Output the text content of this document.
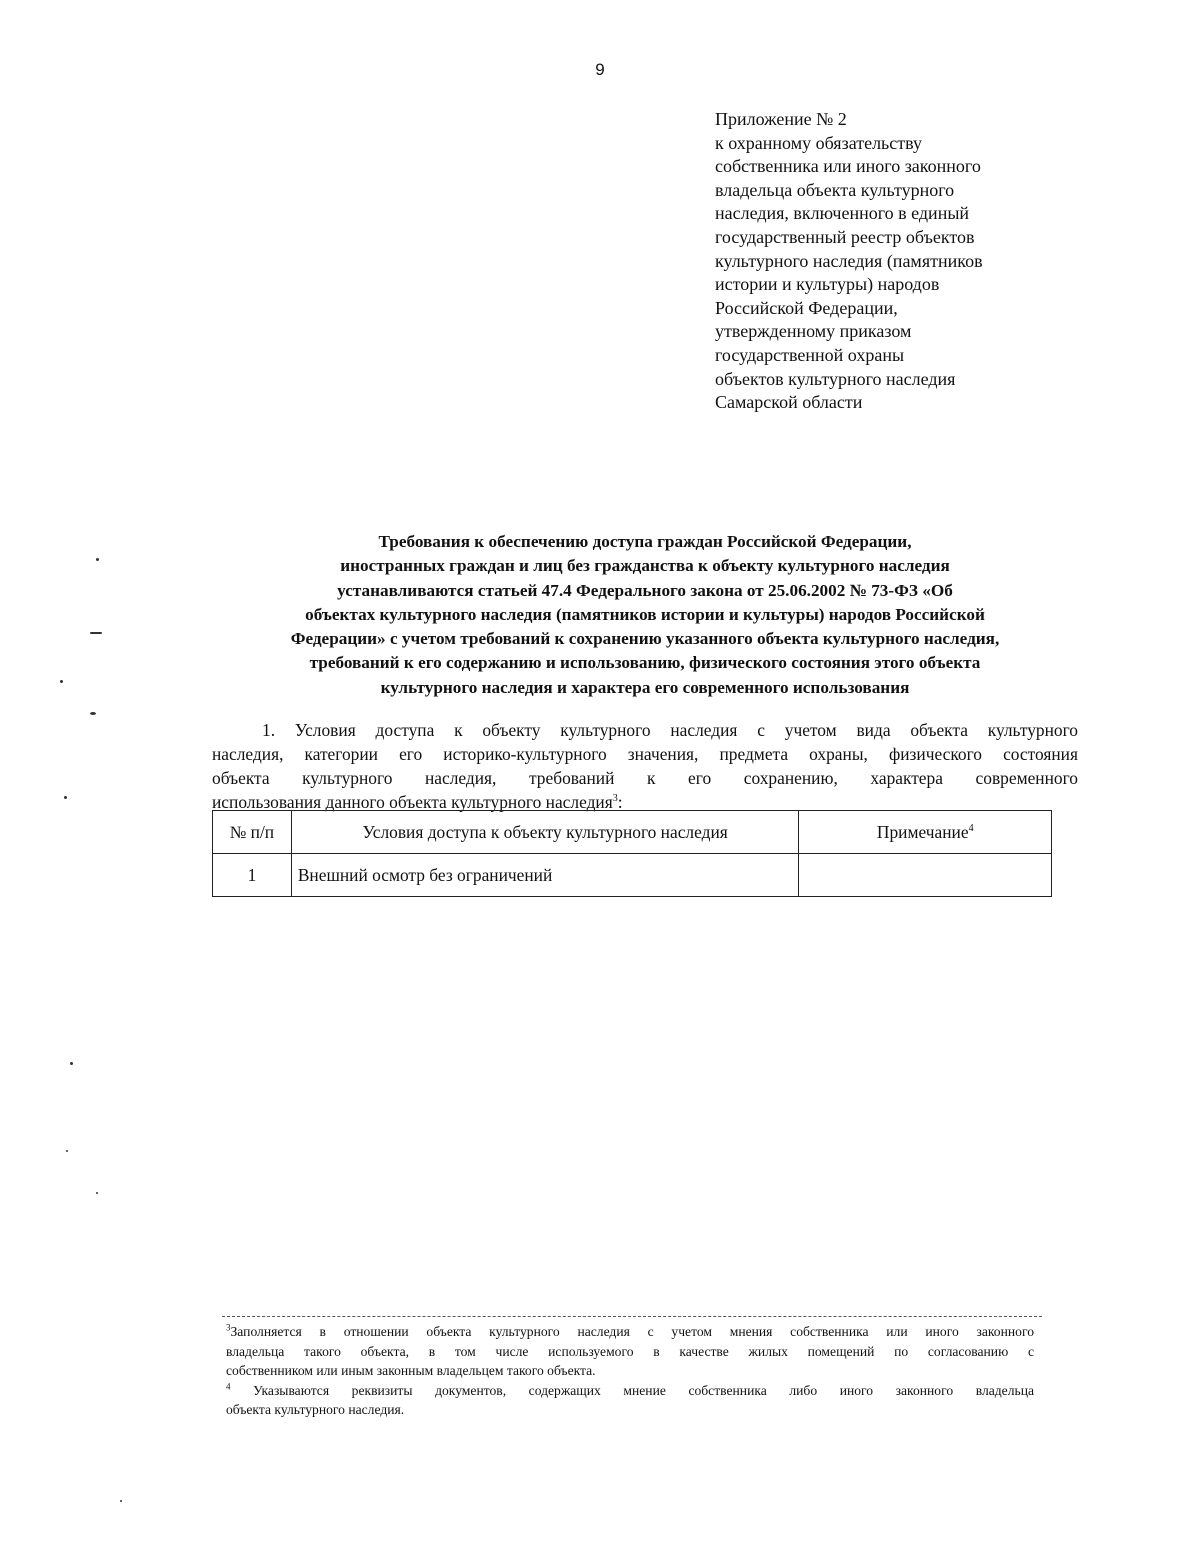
9
Приложение № 2
к охранному обязательству
собственника или иного законного
владельца объекта культурного
наследия, включенного в единый
государственный реестр объектов
культурного наследия (памятников
истории и культуры) народов
Российской Федерации,
утвержденному приказом
государственной охраны
объектов культурного наследия
Самарской области
Требования к обеспечению доступа граждан Российской Федерации,
иностранных граждан и лиц без гражданства к объекту культурного наследия
устанавливаются статьей 47.4 Федерального закона от 25.06.2002 № 73-ФЗ «Об
объектах культурного наследия (памятников истории и культуры) народов Российской
Федерации» с учетом требований к сохранению указанного объекта культурного наследия,
требований к его содержанию и использованию, физического состояния этого объекта
культурного наследия и характера его современного использования
1. Условия доступа к объекту культурного наследия с учетом вида объекта культурного
наследия, категории его историко-культурного значения, предмета охраны, физического состояния
объекта культурного наследия, требований к его сохранению, характера современного
использования данного объекта культурного наследия$^3$:
№ п/п	Условия доступа к объекту культурного наследия	Примечание$^4$
1	Внешний осмотр без ограничений	
$^3$Заполняется в отношении объекта культурного наследия с учетом мнения собственника или иного законного
владельца такого объекта, в том числе используемого в качестве жилых помещений по согласованию с
собственником или иным законным владельцем такого объекта.
$^4$ Указываются реквизиты документов, содержащих мнение собственника либо иного законного владельца
объекта культурного наследия.
